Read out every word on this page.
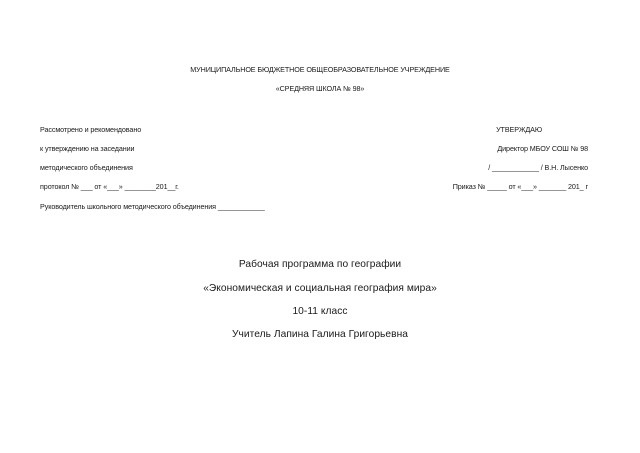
МУНИЦИПАЛЬНОЕ БЮДЖЕТНОЕ ОБЩЕОБРАЗОВАТЕЛЬНОЕ УЧРЕЖДЕНИЕ
«СРЕДНЯЯ ШКОЛА № 98»
Рассмотрено и рекомендовано
к утверждению на заседании
методического объединения
протокол № ___ от «___» ________201__г.
Руководитель школьного методического объединения ____________
УТВЕРЖДАЮ
Директор МБОУ СОШ № 98
/ ____________ / В.Н. Лысенко
Приказ № _____ от «___» _______ 201_ г
Рабочая программа по географии
«Экономическая и социальная география мира»
10-11 класс
Учитель Лапина Галина Григорьевна
